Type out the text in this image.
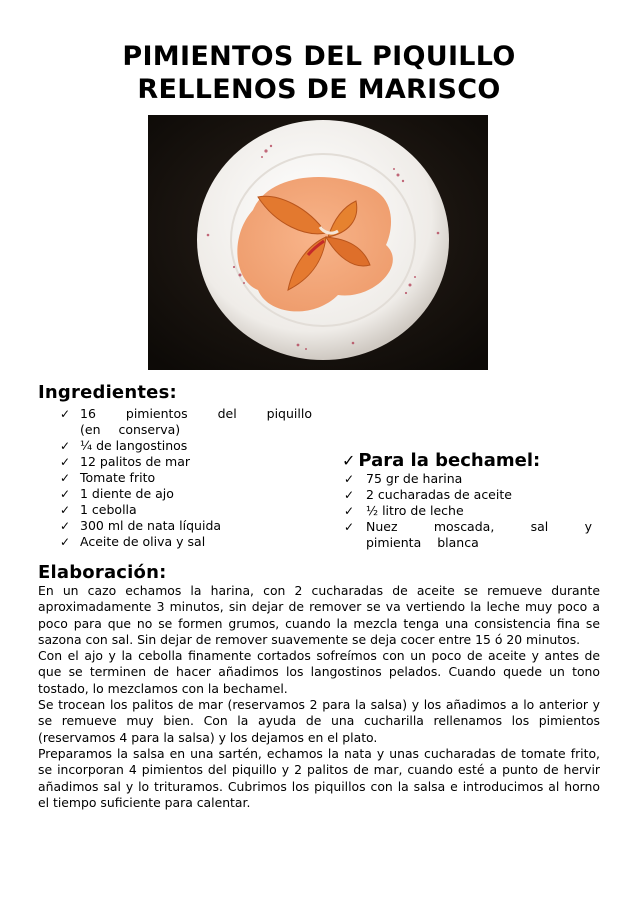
PIMIENTOS DEL PIQUILLO
RELLENOS DE MARISCO
Ingredientes:
✓ 16 pimientos del piquillo (en conserva)
✓ ¼ de langostinos
✓ 12 palitos de mar
✓ Tomate frito
✓ 1 diente de ajo
✓ 1 cebolla
✓ 300 ml de nata líquida
✓ Aceite de oliva y sal
✓ Para la bechamel:
✓ 75 gr de harina
✓ 2 cucharadas de aceite
✓ ½ litro de leche
✓ Nuez moscada, sal y pimienta blanca
Elaboración:

En un cazo echamos la harina, con 2 cucharadas de aceite se remueve durante aproximadamente 3 minutos, sin dejar de remover se va vertiendo la leche muy poco a poco para que no se formen grumos, cuando la mezcla tenga una consistencia fina se sazona con sal. Sin dejar de remover suavemente se deja cocer entre 15 ó 20 minutos.

Con el ajo y la cebolla finamente cortados sofreímos con un poco de aceite y antes de que se terminen de hacer añadimos los langostinos pelados. Cuando quede un tono tostado, lo mezclamos con la bechamel.

Se trocean los palitos de mar (reservamos 2 para la salsa) y los añadimos a lo anterior y se remueve muy bien. Con la ayuda de una cucharilla rellenamos los pimientos (reservamos 4 para la salsa) y los dejamos en el plato.

Preparamos la salsa en una sartén, echamos la nata y unas cucharadas de tomate frito, se incorporan 4 pimientos del piquillo y 2 palitos de mar, cuando esté a punto de hervir añadimos sal y lo trituramos. Cubrimos los piquillos con la salsa e introducimos al horno el tiempo suficiente para calentar.
